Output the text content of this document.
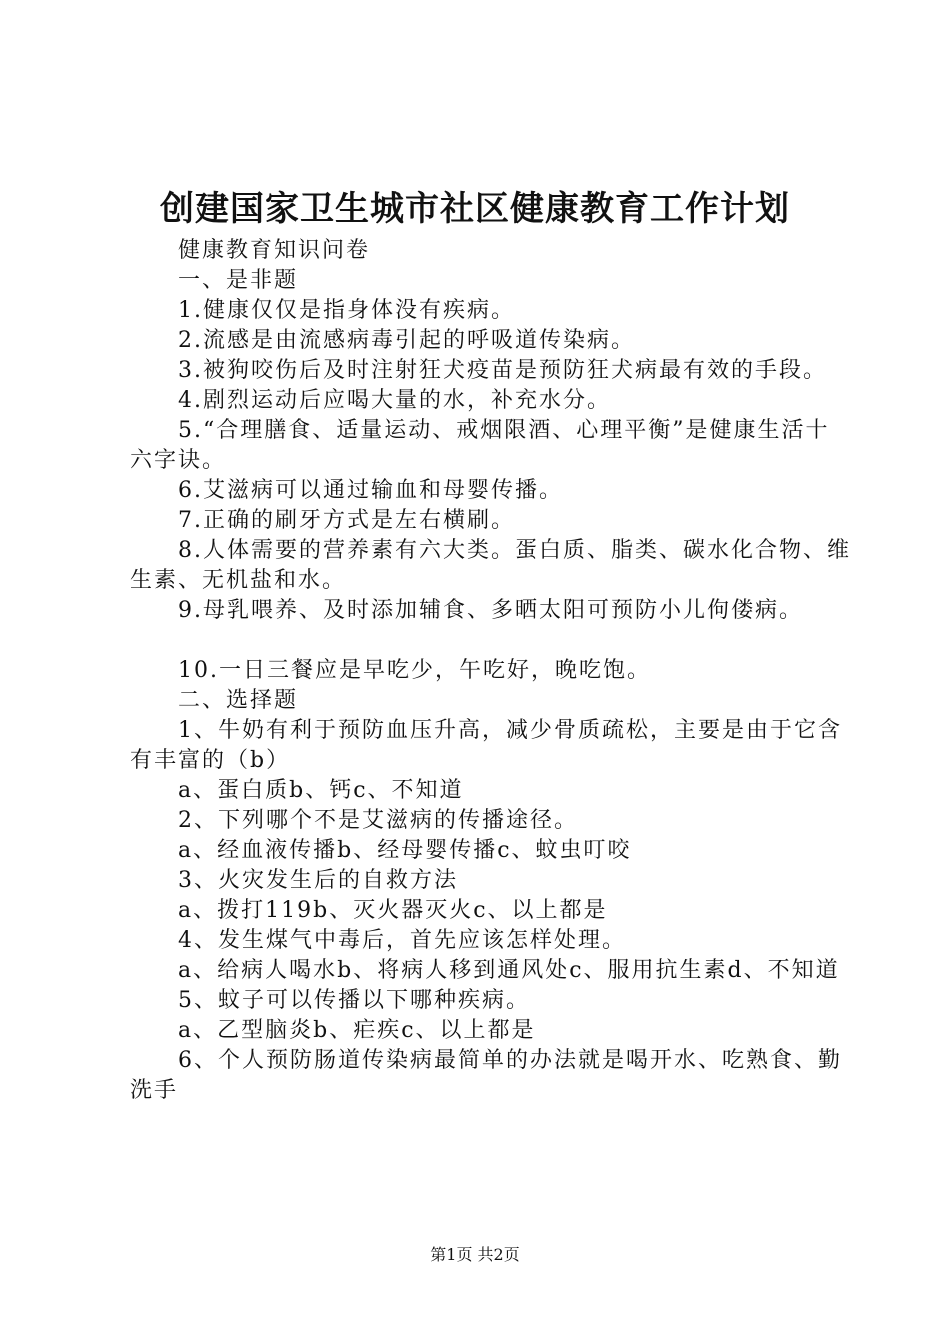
创建国家卫生城市社区健康教育工作计划

健康教育知识问卷

一、是非题

1.健康仅仅是指身体没有疾病。

2.流感是由流感病毒引起的呼吸道传染病。

3.被狗咬伤后及时注射狂犬疫苗是预防狂犬病最有效的手段。

4.剧烈运动后应喝大量的水，补充水分。

5.“合理膳食、适量运动、戒烟限酒、心理平衡”是健康生活十六字诀。

6.艾滋病可以通过输血和母婴传播。

7.正确的刷牙方式是左右横刷。

8.人体需要的营养素有六大类。蛋白质、脂类、碳水化合物、维生素、无机盐和水。

9.母乳喂养、及时添加辅食、多晒太阳可预防小儿佝偻病。

10.一日三餐应是早吃少，午吃好，晚吃饱。

二、选择题

1、牛奶有利于预防血压升高，减少骨质疏松，主要是由于它含有丰富的（b）

a、蛋白质b、钙c、不知道

2、下列哪个不是艾滋病的传播途径。

a、经血液传播b、经母婴传播c、蚊虫叮咬

3、火灾发生后的自救方法

a、拨打119b、灭火器灭火c、以上都是

4、发生煤气中毒后，首先应该怎样处理。

a、给病人喝水b、将病人移到通风处c、服用抗生素d、不知道

5、蚊子可以传播以下哪种疾病。

a、乙型脑炎b、疟疾c、以上都是

6、个人预防肠道传染病最简单的办法就是喝开水、吃熟食、勤洗手

第1页 共2页
